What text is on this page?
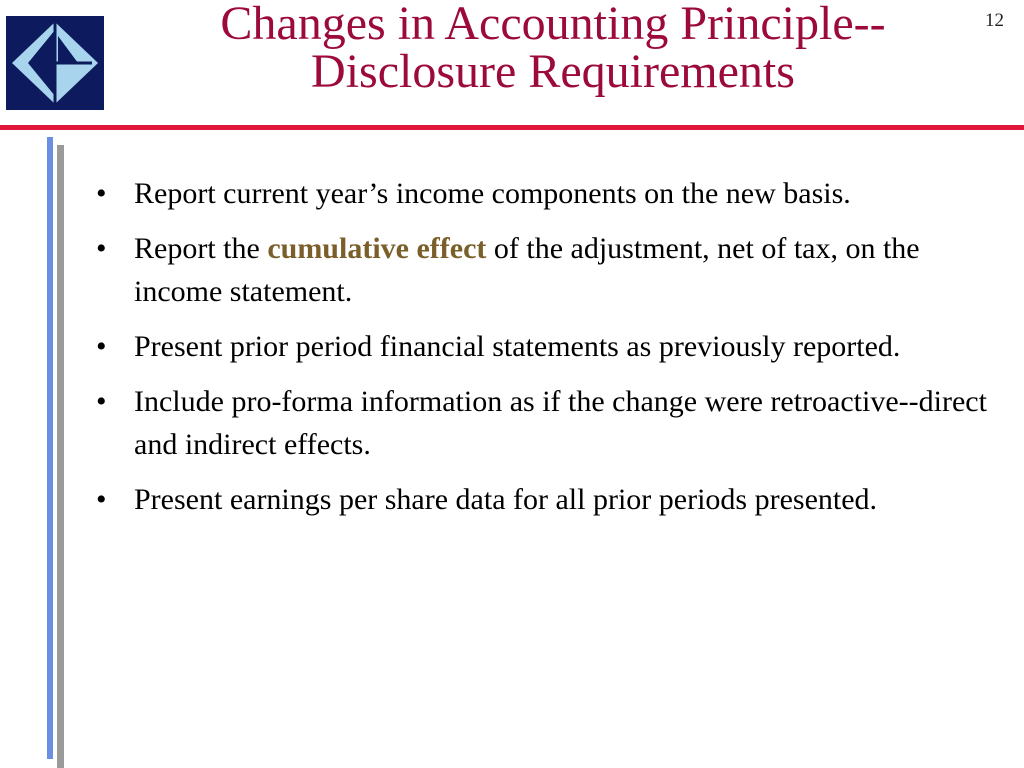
Changes in Accounting Principle--
Disclosure Requirements
12
• Report current year’s income components on the new basis.
• Report the cumulative effect of the adjustment, net of tax, on the income statement.
• Present prior period financial statements as previously reported.
• Include pro-forma information as if the change were retroactive--direct and indirect effects.
• Present earnings per share data for all prior periods presented.
